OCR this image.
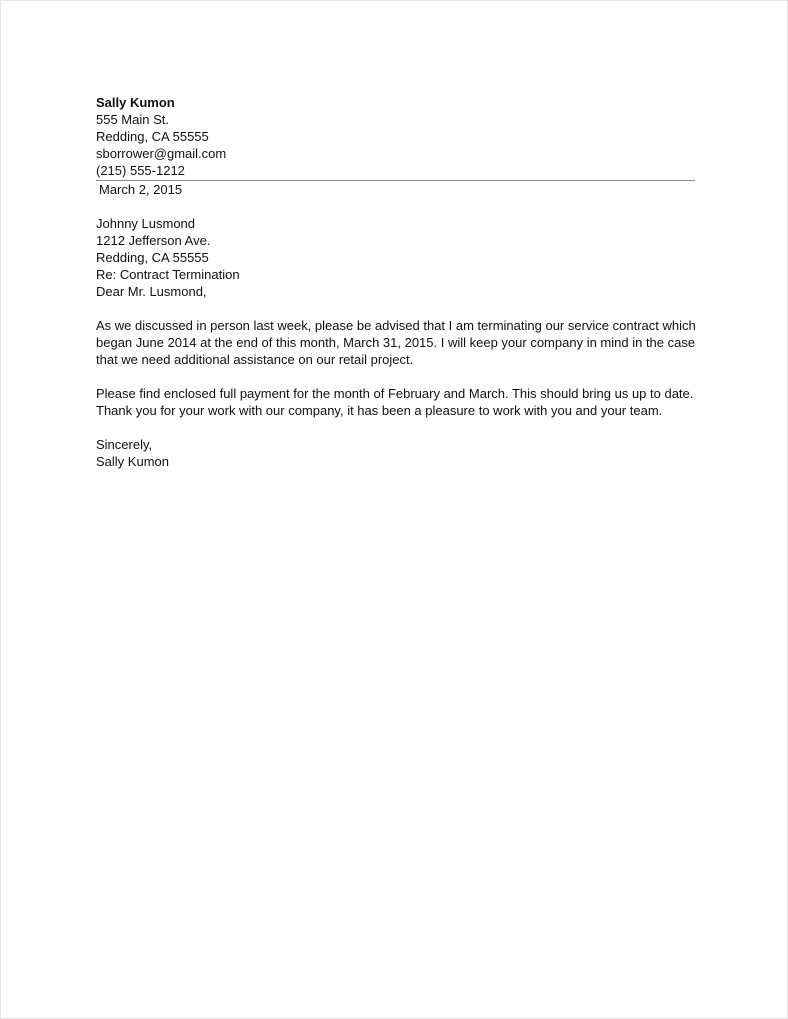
Sally Kumon

555 Main St.

Redding, CA 55555

sborrower@gmail.com

(215) 555-1212

March 2, 2015

Johnny Lusmond

1212 Jefferson Ave.

Redding, CA 55555

Re: Contract Termination

Dear Mr. Lusmond,

As we discussed in person last week, please be advised that I am terminating our service contract which

began June 2014 at the end of this month, March 31, 2015. I will keep your company in mind in the case

that we need additional assistance on our retail project.

Please find enclosed full payment for the month of February and March. This should bring us up to date.

Thank you for your work with our company, it has been a pleasure to work with you and your team.

Sincerely,

Sally Kumon
